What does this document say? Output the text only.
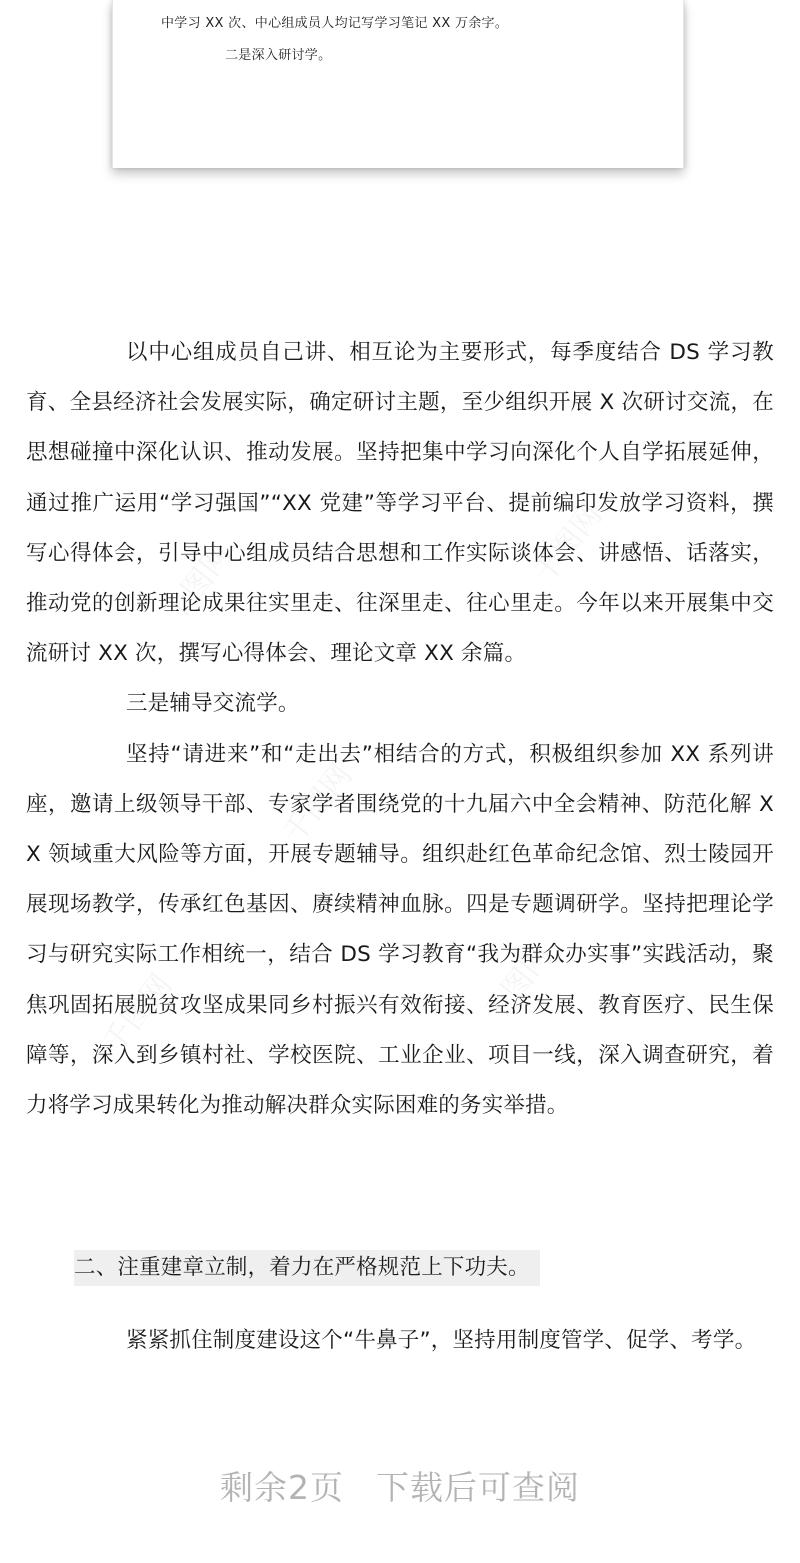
中学习 XX 次、中心组成员人均记写学习笔记 XX 万余字。
二是深入研讨学。

以中心组成员自己讲、相互论为主要形式，每季度结合 DS 学习教育、全县经济社会发展实际，确定研讨主题，至少组织开展 X 次研讨交流，在思想碰撞中深化认识、推动发展。坚持把集中学习向深化个人自学拓展延伸，通过推广运用“学习强国”“XX 党建”等学习平台、提前编印发放学习资料，撰写心得体会，引导中心组成员结合思想和工作实际谈体会、讲感悟、话落实，推动党的创新理论成果往实里走、往深里走、往心里走。今年以来开展集中交流研讨 XX 次，撰写心得体会、理论文章 XX 余篇。

三是辅导交流学。

坚持“请进来”和“走出去”相结合的方式，积极组织参加 XX 系列讲座，邀请上级领导干部、专家学者围绕党的十九届六中全会精神、防范化解 XX 领域重大风险等方面，开展专题辅导。组织赴红色革命纪念馆、烈士陵园开展现场教学，传承红色基因、赓续精神血脉。四是专题调研学。坚持把理论学习与研究实际工作相统一，结合 DS 学习教育“我为群众办实事”实践活动，聚焦巩固拓展脱贫攻坚成果同乡村振兴有效衔接、经济发展、教育医疗、民生保障等，深入到乡镇村社、学校医院、工业企业、项目一线，深入调查研究，着力将学习成果转化为推动解决群众实际困难的务实举措。

二、注重建章立制，着力在严格规范上下功夫。

紧紧抓住制度建设这个“牛鼻子”，坚持用制度管学、促学、考学。

剩余2页 下载后可查阅
